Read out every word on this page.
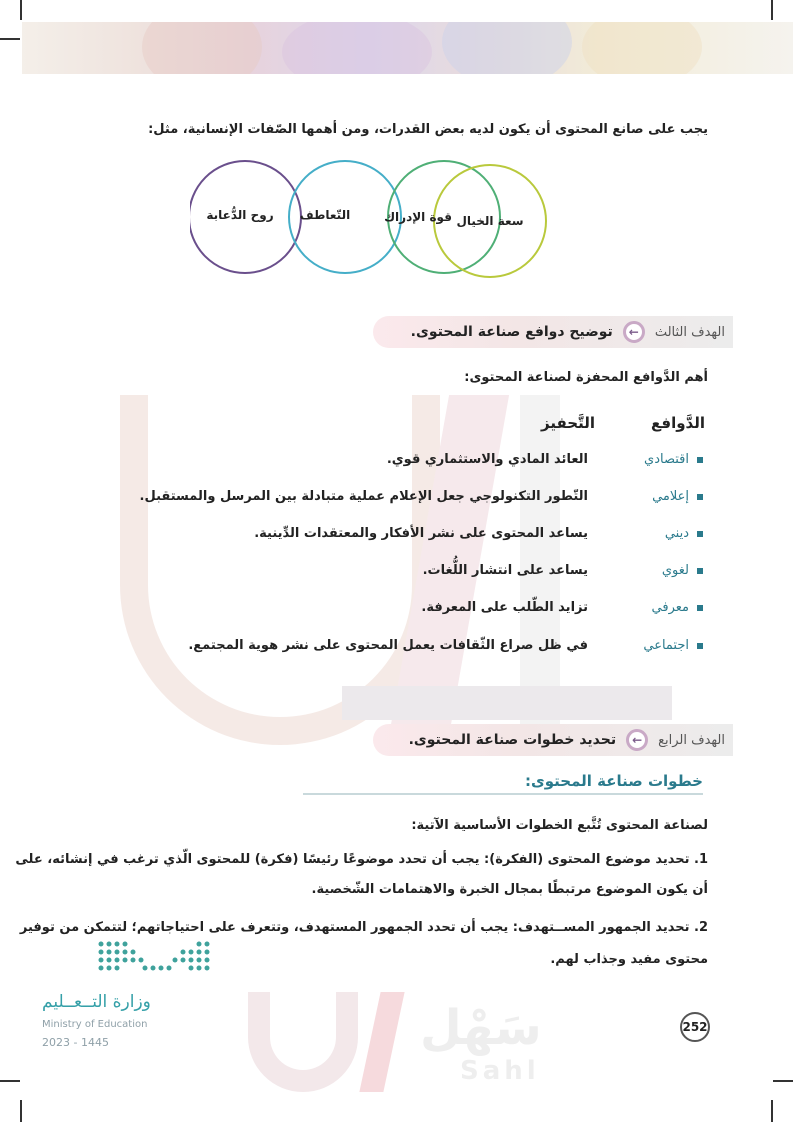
يجب على صانع المحتوى أن يكون لديه بعض القدرات، ومن أهمها الصّفات الإنسانية، مثل:
سعة الخيال
قوة الإدراك
التّعاطف
روح الدُّعابة
الهدف الثالث
←
توضيح دوافع صناعة المحتوى.
أهم الدَّوافع المحفزة لصناعة المحتوى:
الدَّوافع
التَّحفيز
اقتصادي
العائد المادي والاستثماري قوي.
إعلامي
التّطور التكنولوجي جعل الإعلام عملية متبادلة بين المرسل والمستقبل.
ديني
يساعد المحتوى على نشر الأفكار والمعتقدات الدِّينية.
لغوي
يساعد على انتشار اللُّغات.
معرفي
تزايد الطّلب على المعرفة.
اجتماعي
في ظل صراع الثّقافات يعمل المحتوى على نشر هوية المجتمع.
الهدف الرابع
←
تحديد خطوات صناعة المحتوى.
خطوات صناعة المحتوى:
لصناعة المحتوى تُتَّبع الخطوات الأساسية الآتية:
1. تحديد موضوع المحتوى (الفكرة): يجب أن تحدد موضوعًا رئيسًا (فكرة) للمحتوى الّذي ترغب في إنشائه، على
أن يكون الموضوع مرتبطًا بمجال الخبرة والاهتمامات الشّخصية.
2. تحديد الجمهور المســتهدف: يجب أن تحدد الجمهور المستهدف، وتتعرف على احتياجاتهم؛ لتتمكن من توفير
محتوى مفيد وجذاب لهم.
وزارة التــعــليم
Ministry of Education
2023 - 1445	سَهْل
Sahl
252
